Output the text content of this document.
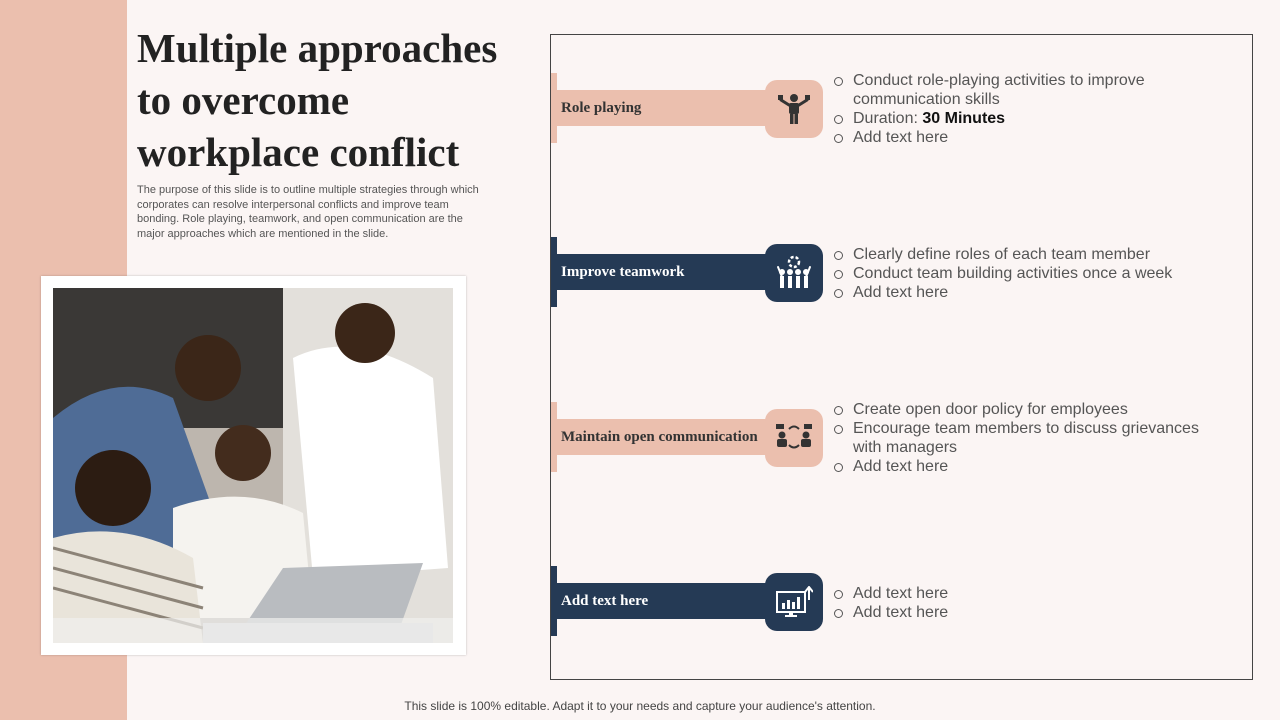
Multiple approaches to overcome workplace conflict

The purpose of this slide is to outline multiple strategies through which corporates can resolve interpersonal conflicts and improve team bonding. Role playing, teamwork, and open communication are the major approaches which are mentioned in the slide.

Role playing
Conduct role-playing activities to improve communication skills
Duration: 30 Minutes
Add text here
Improve teamwork
Clearly define roles of each team member
Conduct team building activities once a week
Add text here
Maintain open communication
Create open door policy for employees
Encourage team members to discuss grievances with managers
Add text here
Add text here	Add text here
Add text here

This slide is 100% editable. Adapt it to your needs and capture your audience's attention.
